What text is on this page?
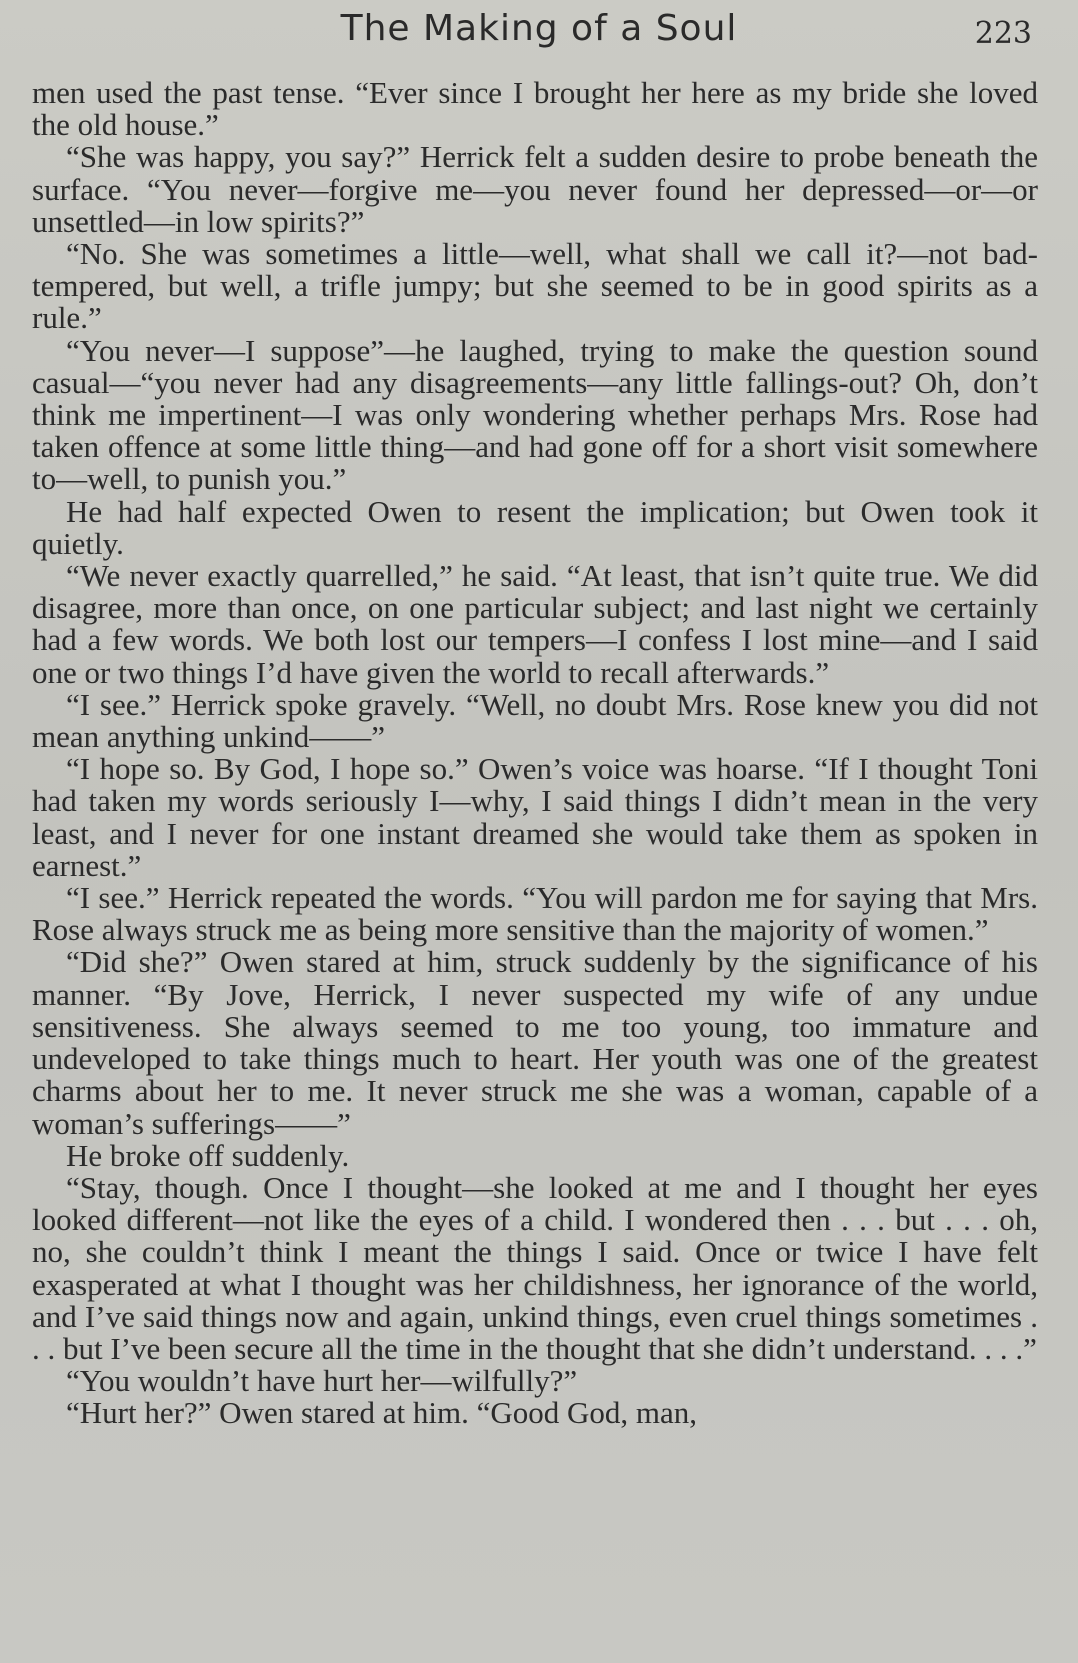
The Making of a Soul	223

men used the past tense. “Ever since I brought her here as my bride she loved the old house.”

“She was happy, you say?” Herrick felt a sudden desire to probe beneath the surface. “You never—forgive me—you never found her depressed—or—or unsettled—in low spirits?”

“No. She was sometimes a little—well, what shall we call it?—not bad-tempered, but well, a trifle jumpy; but she seemed to be in good spirits as a rule.”

“You never—I suppose”—he laughed, trying to make the question sound casual—“you never had any disagreements—any little fallings-out? Oh, don’t think me impertinent—I was only wondering whether perhaps Mrs. Rose had taken offence at some little thing—and had gone off for a short visit somewhere to—well, to punish you.”

He had half expected Owen to resent the implication; but Owen took it quietly.

“We never exactly quarrelled,” he said. “At least, that isn’t quite true. We did disagree, more than once, on one particular subject; and last night we certainly had a few words. We both lost our tempers—I confess I lost mine—and I said one or two things I’d have given the world to recall afterwards.”

“I see.” Herrick spoke gravely. “Well, no doubt Mrs. Rose knew you did not mean anything unkind——”

“I hope so. By God, I hope so.” Owen’s voice was hoarse. “If I thought Toni had taken my words seriously I—why, I said things I didn’t mean in the very least, and I never for one instant dreamed she would take them as spoken in earnest.”

“I see.” Herrick repeated the words. “You will pardon me for saying that Mrs. Rose always struck me as being more sensitive than the majority of women.”

“Did she?” Owen stared at him, struck suddenly by the significance of his manner. “By Jove, Herrick, I never suspected my wife of any undue sensitiveness. She always seemed to me too young, too immature and undeveloped to take things much to heart. Her youth was one of the greatest charms about her to me. It never struck me she was a woman, capable of a woman’s sufferings——”

He broke off suddenly.

“Stay, though. Once I thought—she looked at me and I thought her eyes looked different—not like the eyes of a child. I wondered then . . . but . . . oh, no, she couldn’t think I meant the things I said. Once or twice I have felt exasperated at what I thought was her childishness, her ignorance of the world, and I’ve said things now and again, unkind things, even cruel things sometimes . . . but I’ve been secure all the time in the thought that she didn’t understand. . . .”

“You wouldn’t have hurt her—wilfully?”

“Hurt her?” Owen stared at him. “Good God, man,
